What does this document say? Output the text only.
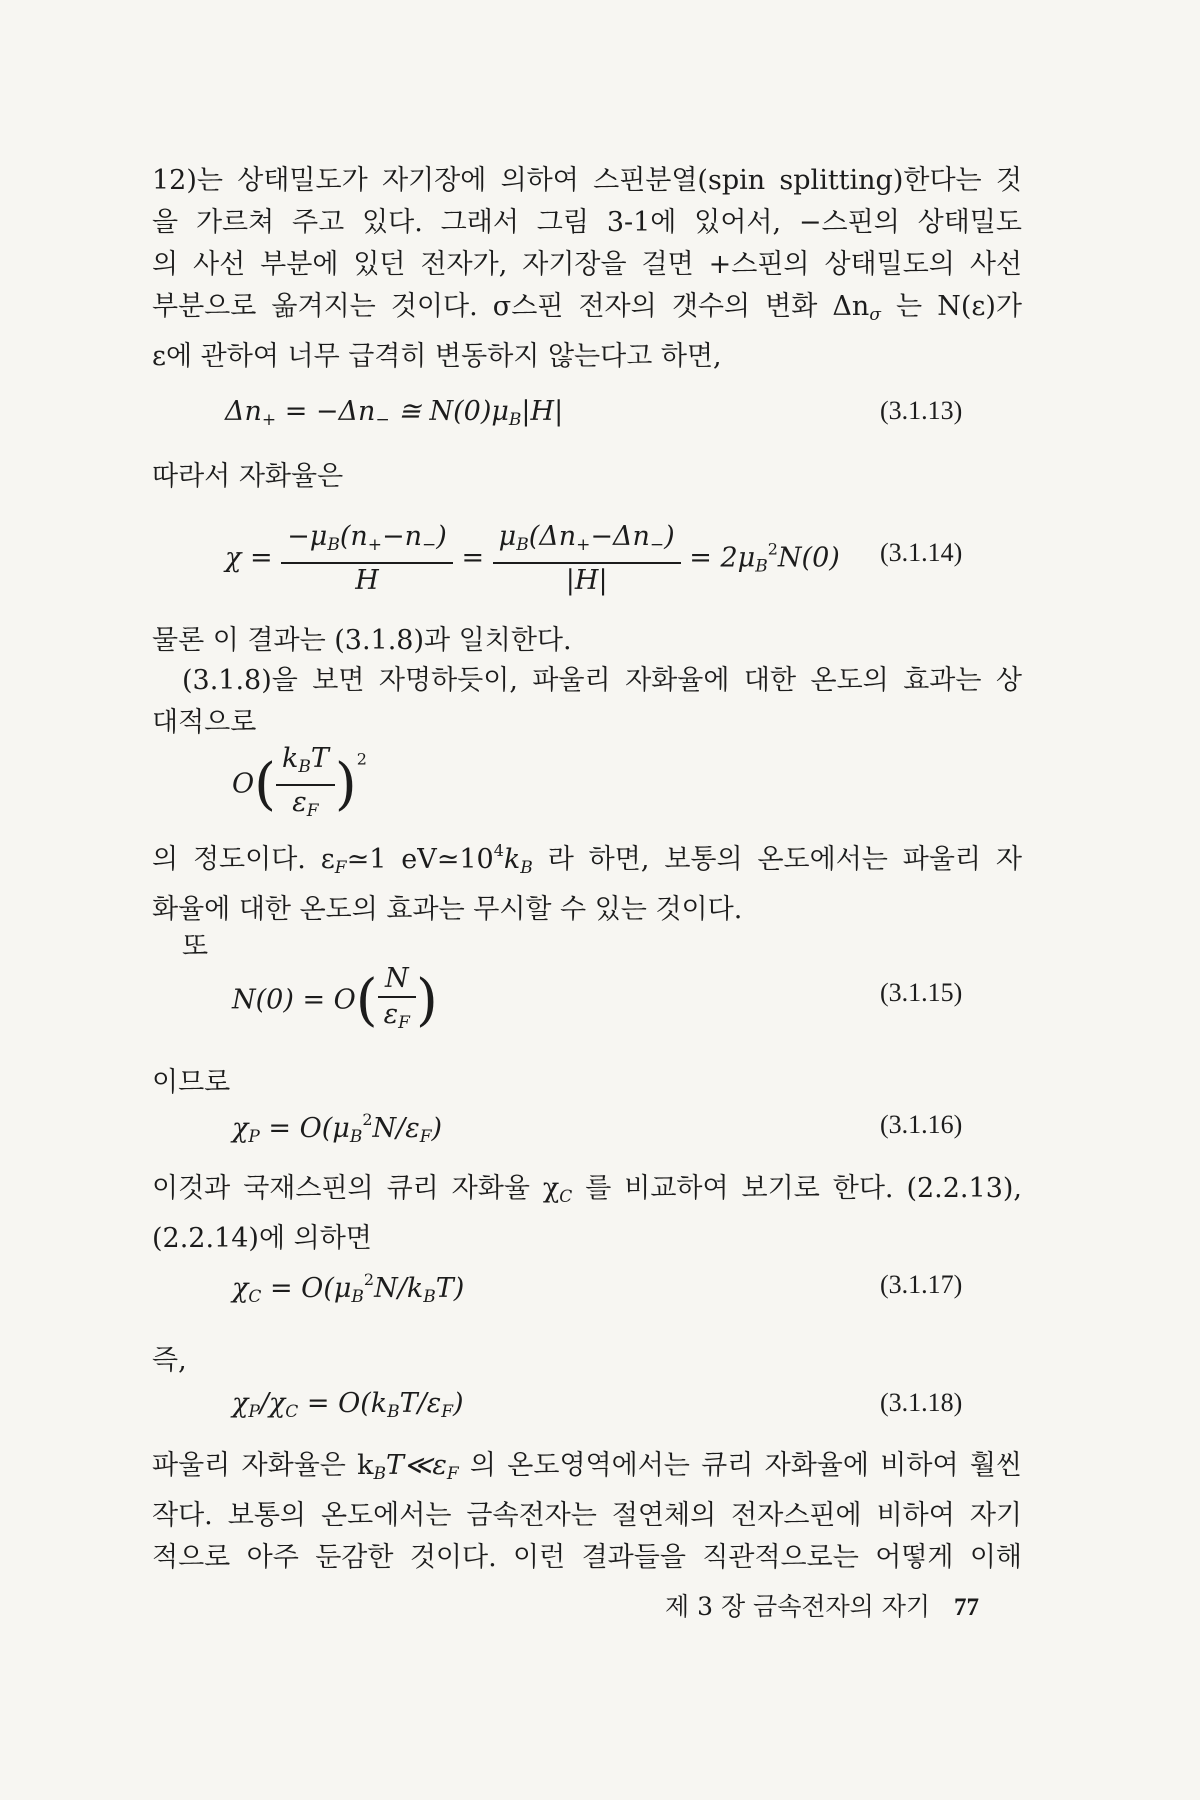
12)는 상태밀도가 자기장에 의하여 스핀분열(spin splitting)한다는 것
을 가르쳐 주고 있다. 그래서 그림 3-1에 있어서, −스핀의 상태밀도
의 사선 부분에 있던 전자가, 자기장을 걸면 +스핀의 상태밀도의 사선
부분으로 옮겨지는 것이다. σ스핀 전자의 갯수의 변화 $\Delta n_\sigma$ 는 N(ε)가
ε에 관하여 너무 급격히 변동하지 않는다고 하면,
$\Delta n_+ = -\Delta n_-$ ≅ $N(0)\mu_B|H|$	(3.1.13)
따라서 자화율은
$\chi = \frac{-\mu_B(n_+-n_-)}{H} = \frac{\mu_B(\Delta n_+-\Delta n_-)}{|H|} = 2\mu_B^2N(0)$ (3.1.14)
물론 이 결과는 (3.1.8)과 일치한다.
(3.1.8)을 보면 자명하듯이, 파울리 자화율에 대한 온도의 효과는 상
대적으로
$O( \frac{k_BT}{\varepsilon_F} )^2$
의 정도이다. $\varepsilon_F≃1$ $eV≃10^4k_B$ 라 하면, 보통의 온도에서는 파울리 자
화율에 대한 온도의 효과는 무시할 수 있는 것이다.
또
$N(0) = O( \frac{N}{\varepsilon_F}$ )	(3.1.15)
이므로
$\chi_P = O(\mu_B^2N/\varepsilon_F)$	(3.1.16)
이것과 국재스핀의 큐리 자화율 $\chi_C$ 를 비교하여 보기로 한다. (2.2.13),
(2.2.14)에 의하면
$\chi_C = O(\mu_B^2N/k_BT)$	(3.1.17)
즉,
$\chi_P/\chi_C = O(k_BT/\varepsilon_F)$	(3.1.18)
파울리 자화율은 $k_BT≪\varepsilon_F$ 의 온도영역에서는 큐리 자화율에 비하여 훨씬
작다. 보통의 온도에서는 금속전자는 절연체의 전자스핀에 비하여 자기
적으로 아주 둔감한 것이다. 이런 결과들을 직관적으로는 어떻게 이해
제 3 장 금속전자의 자기 77
